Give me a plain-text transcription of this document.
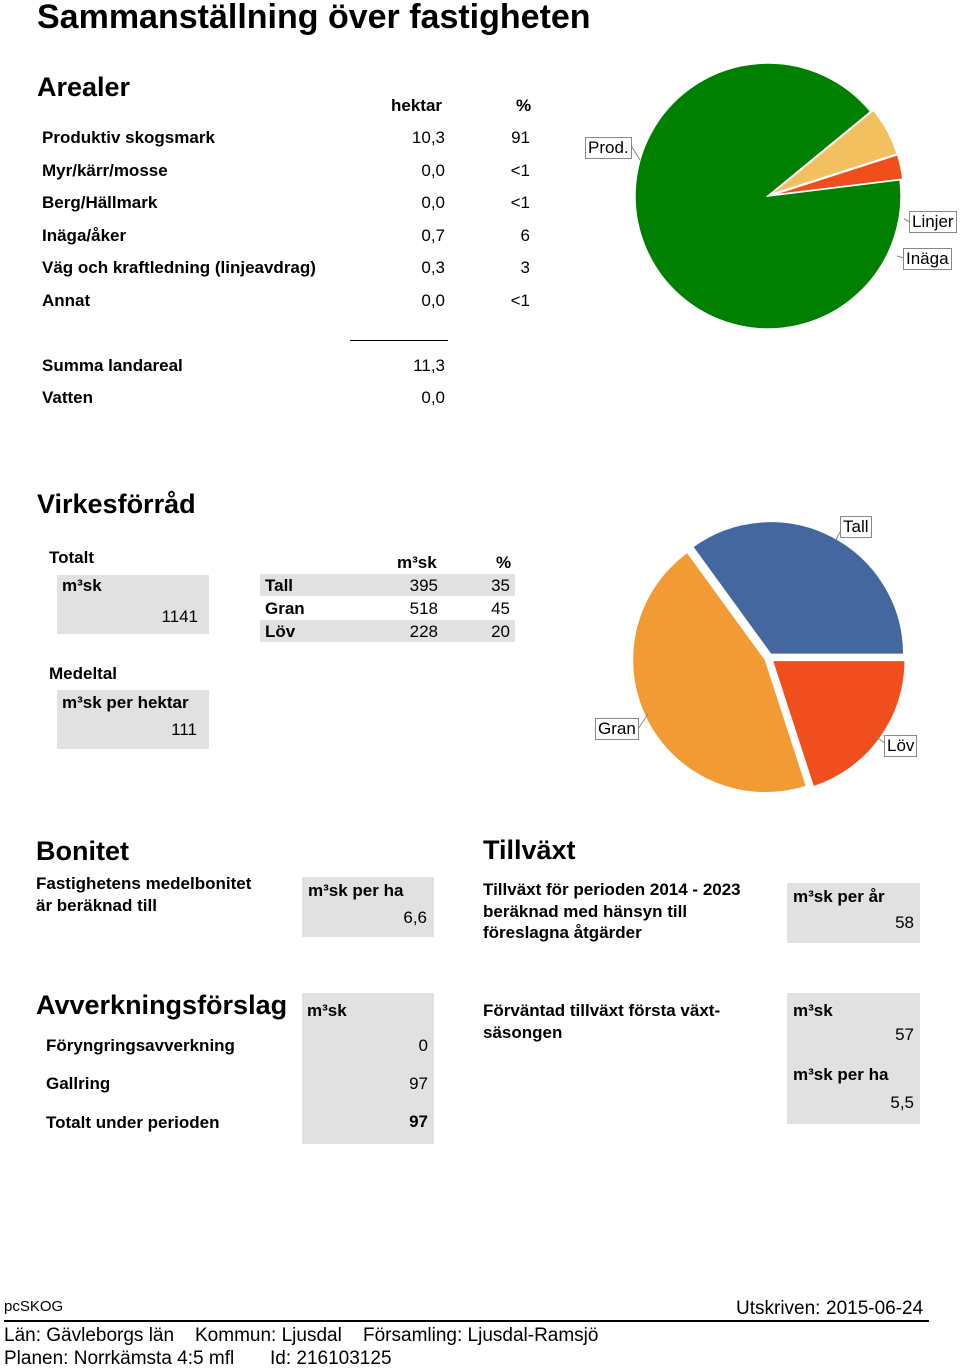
Sammanställning över fastigheten
Arealer
hektar	%
Produktiv skogsmark	10,3	91
Myr/kärr/mosse	0,0	<1
Berg/Hällmark	0,0	<1
Inäga/åker	0,7	6
Väg och kraftledning (linjeavdrag)	0,3	3
Annat	0,0	<1
Summa landareal	11,3
Vatten	0,0
Prod.
Linjer
Inäga
Virkesförråd
Totalt
m³sk
1141
m³sk	%
Tall	395	35
Gran	518	45
Löv	228	20
Medeltal
m³sk per hektar
111
Tall
Gran
Löv
Bonitet
Fastighetens medelbonitet
är beräknad till
m³sk per ha
6,6
Tillväxt
Tillväxt för perioden 2014 - 2023
beräknad med hänsyn till
föreslagna åtgärder
m³sk per år
58
Avverkningsförslag m³sk
Föryngringsavverkning	0
Gallring	97
Totalt under perioden	97
Förväntad tillväxt första växt-
säsongen
m³sk
57
m³sk per ha
5,5
pcSKOG	Utskriven: 2015-06-24
Län: Gävleborgs län Kommun: Ljusdal Församling: Ljusdal-Ramsjö
Planen: Norrkämsta 4:5 mfl Id: 216103125
